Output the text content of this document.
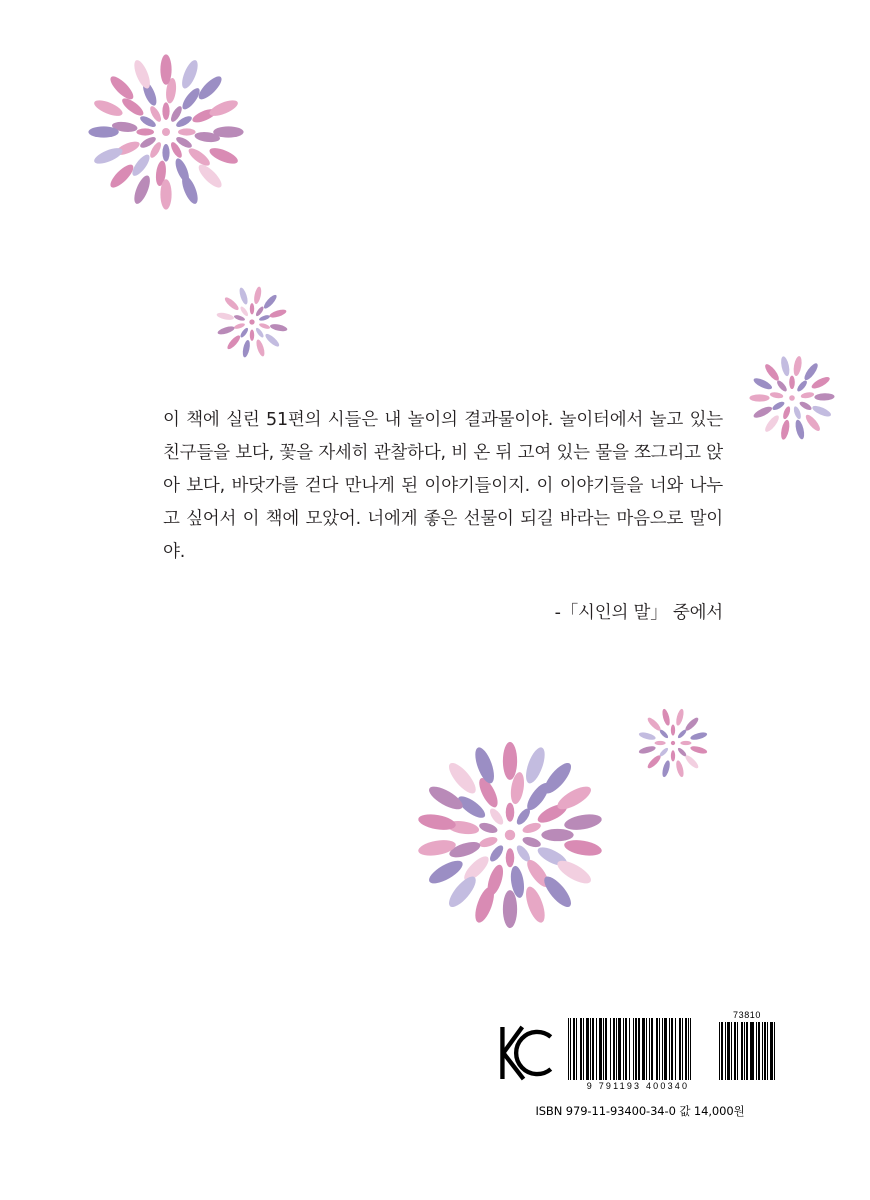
이 책에 실린 51편의 시들은 내 놀이의 결과물이야. 놀이터에서 놀고 있는 친구들을 보다, 꽃을 자세히 관찰하다, 비 온 뒤 고여 있는 물을 쪼그리고 앉아 보다, 바닷가를 걷다 만나게 된 이야기들이지. 이 이야기들을 너와 나누고 싶어서 이 책에 모았어. 너에게 좋은 선물이 되길 바라는 마음으로 말이야.

-「시인의 말」 중에서
9 791193 400340
73810
ISBN 979-11-93400-34-0 값 14,000원
